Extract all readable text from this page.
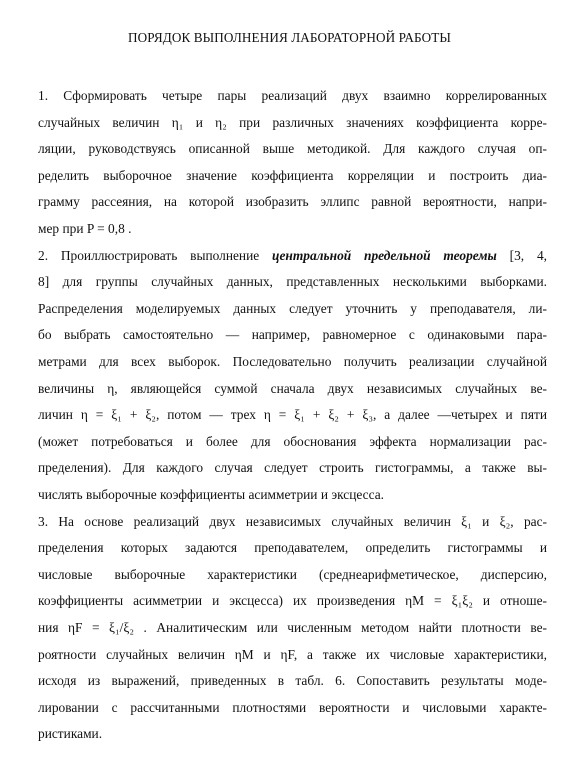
ПОРЯДОК ВЫПОЛНЕНИЯ ЛАБОРАТОРНОЙ РАБОТЫ
1. Сформировать четыре пары реализаций двух взаимно коррелированных
случайных величин η₁ и η₂ при различных значениях коэффициента корре-
ляции, руководствуясь описанной выше методикой. Для каждого случая оп-
ределить выборочное значение коэффициента корреляции и построить диа-
грамму рассеяния, на которой изобразить эллипс равной вероятности, напри-
мер при P = 0,8 .
2. Проиллюстрировать выполнение центральной предельной теоремы [3, 4,
8] для группы случайных данных, представленных несколькими выборками.
Распределения моделируемых данных следует уточнить у преподавателя, ли-
бо выбрать самостоятельно — например, равномерное с одинаковыми пара-
метрами для всех выборок. Последовательно получить реализации случайной
величины η, являющейся суммой сначала двух независимых случайных ве-
личин η = ξ₁ + ξ₂, потом — трех η = ξ₁ + ξ₂ + ξ₃, а далее —четырех и пяти
(может потребоваться и более для обоснования эффекта нормализации рас-
пределения). Для каждого случая следует строить гистограммы, а также вы-
числять выборочные коэффициенты асимметрии и эксцесса.
3. На основе реализаций двух независимых случайных величин ξ₁ и ξ₂, рас-
пределения которых задаются преподавателем, определить гистограммы и
числовые выборочные характеристики (среднеарифметическое, дисперсию,
коэффициенты асимметрии и эксцесса) их произведения ηM = ξ₁ξ₂ и отноше-
ния ηF = ξ₁/ξ₂ . Аналитическим или численным методом найти плотности ве-
роятности случайных величин ηM и ηF, а также их числовые характеристики,
исходя из выражений, приведенных в табл. 6. Сопоставить результаты моде-
лировании с рассчитанными плотностями вероятности и числовыми характе-
ристиками.
